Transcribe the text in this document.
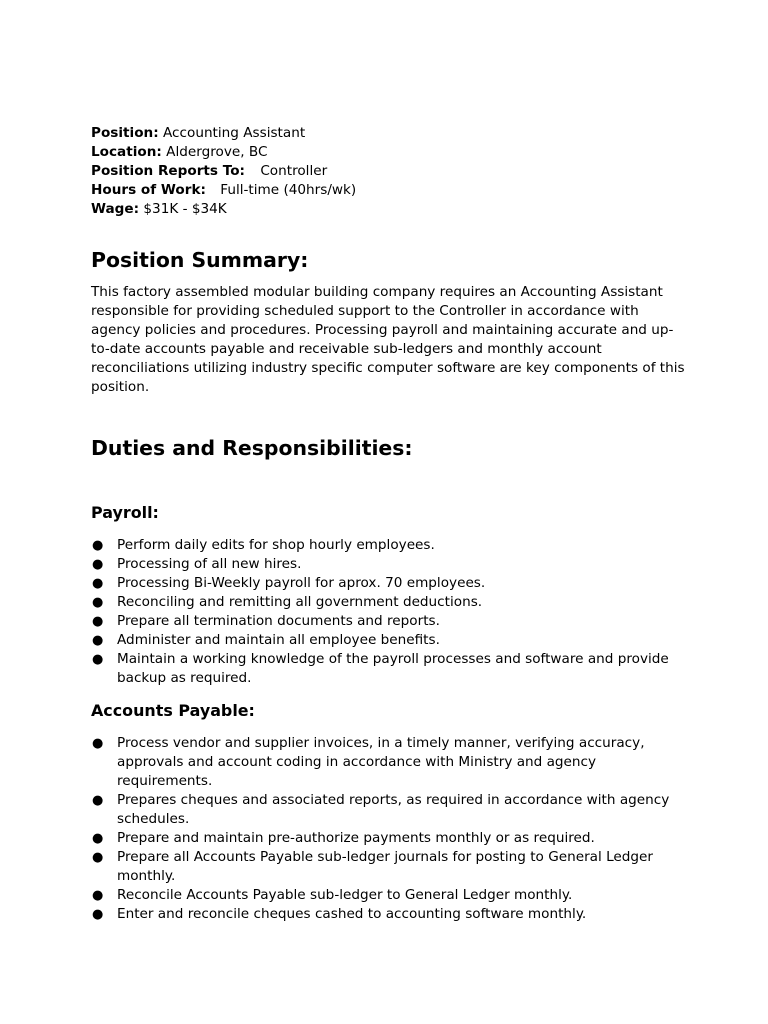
Position: Accounting Assistant
Location: Aldergrove, BC
Position Reports To: Controller
Hours of Work: Full-time (40hrs/wk)
Wage: $31K - $34K
Position Summary:

This factory assembled modular building company requires an Accounting Assistant responsible for providing scheduled support to the Controller in accordance with agency policies and procedures. Processing payroll and maintaining accurate and up-to-date accounts payable and receivable sub-ledgers and monthly account reconciliations utilizing industry specific computer software are key components of this position.

Duties and Responsibilities:
Payroll:
● Perform daily edits for shop hourly employees.
● Processing of all new hires.
● Processing Bi-Weekly payroll for aprox. 70 employees.
● Reconciling and remitting all government deductions.
● Prepare all termination documents and reports.
● Administer and maintain all employee benefits.
● Maintain a working knowledge of the payroll processes and software and provide backup as required.
Accounts Payable:
● Process vendor and supplier invoices, in a timely manner, verifying accuracy, approvals and account coding in accordance with Ministry and agency requirements.
● Prepares cheques and associated reports, as required in accordance with agency schedules.
● Prepare and maintain pre-authorize payments monthly or as required.
● Prepare all Accounts Payable sub-ledger journals for posting to General Ledger monthly.
● Reconcile Accounts Payable sub-ledger to General Ledger monthly.
● Enter and reconcile cheques cashed to accounting software monthly.
